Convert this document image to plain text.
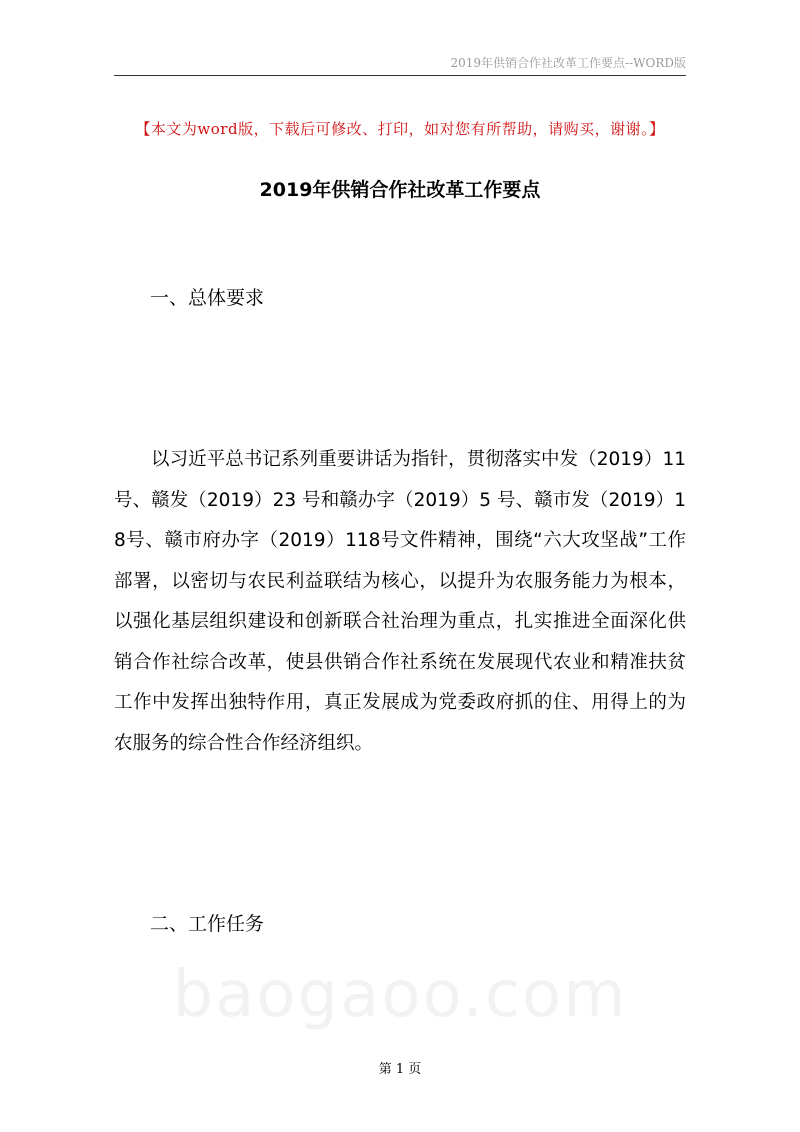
2019年供销合作社改革工作要点--WORD版
【本文为word版，下载后可修改、打印，如对您有所帮助，请购买，谢谢。】
2019年供销合作社改革工作要点
一、总体要求

以习近平总书记系列重要讲话为指针，贯彻落实中发（2019）11号、赣发（2019）23 号和赣办字（2019）5 号、赣市发（2019）18号、赣市府办字（2019）118号文件精神，围绕“六大攻坚战”工作部署，以密切与农民利益联结为核心，以提升为农服务能力为根本，以强化基层组织建设和创新联合社治理为重点，扎实推进全面深化供销合作社综合改革，使县供销合作社系统在发展现代农业和精准扶贫工作中发挥出独特作用，真正发展成为党委政府抓的住、用得上的为农服务的综合性合作经济组织。

二、工作任务
baogaoo.com
第 1 页
